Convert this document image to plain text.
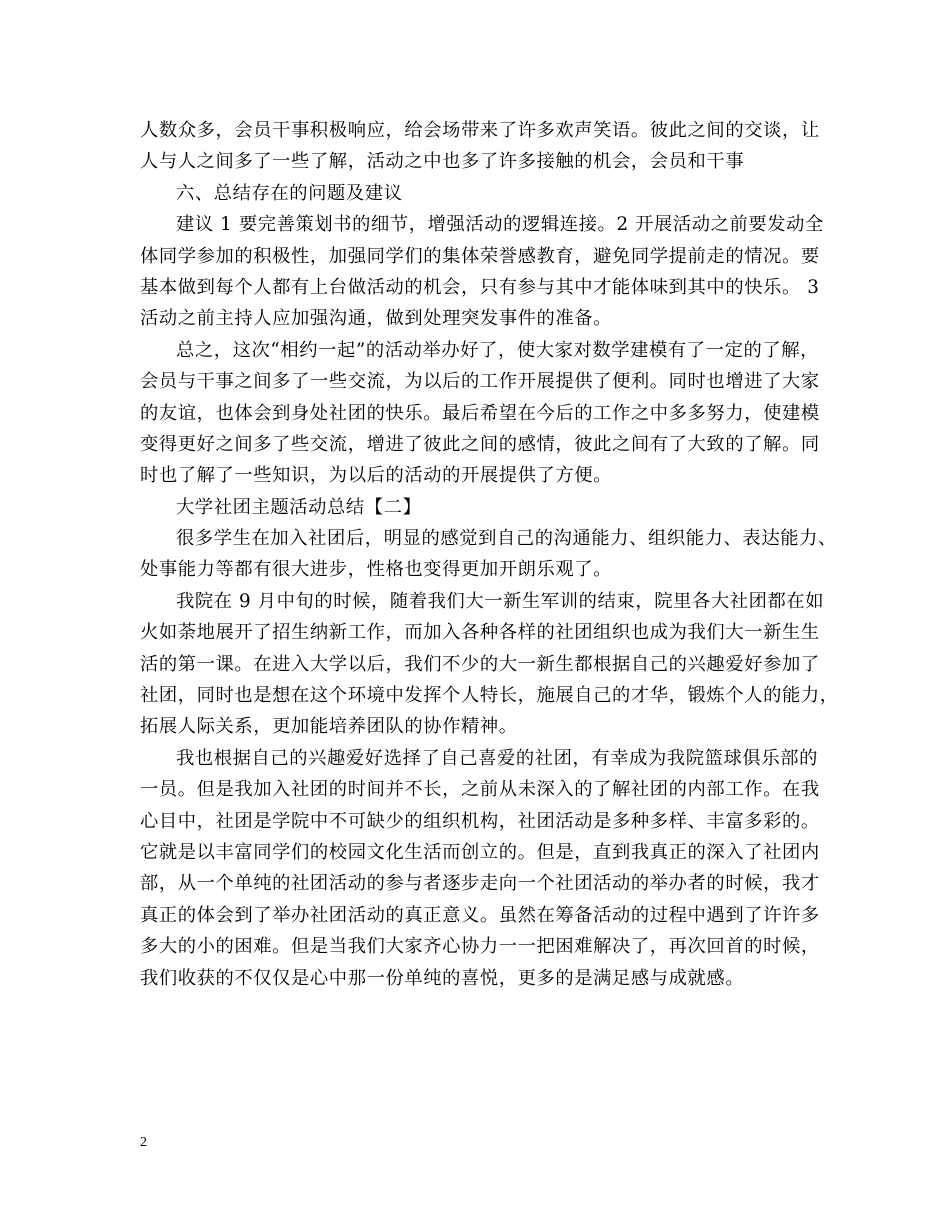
人数众多，会员干事积极响应，给会场带来了许多欢声笑语。彼此之间的交谈，让
人与人之间多了一些了解，活动之中也多了许多接触的机会，会员和干事
六、总结存在的问题及建议
建议 1 要完善策划书的细节，增强活动的逻辑连接。2 开展活动之前要发动全
体同学参加的积极性，加强同学们的集体荣誉感教育，避免同学提前走的情况。要
基本做到每个人都有上台做活动的机会，只有参与其中才能体味到其中的快乐。 3
活动之前主持人应加强沟通，做到处理突发事件的准备。
总之，这次“相约一起”的活动举办好了，使大家对数学建模有了一定的了解，
会员与干事之间多了一些交流，为以后的工作开展提供了便利。同时也增进了大家
的友谊，也体会到身处社团的快乐。最后希望在今后的工作之中多多努力，使建模
变得更好之间多了些交流，增进了彼此之间的感情，彼此之间有了大致的了解。同
时也了解了一些知识，为以后的活动的开展提供了方便。
大学社团主题活动总结【二】
很多学生在加入社团后，明显的感觉到自己的沟通能力、组织能力、表达能力、
处事能力等都有很大进步，性格也变得更加开朗乐观了。
我院在 9 月中旬的时候，随着我们大一新生军训的结束，院里各大社团都在如
火如荼地展开了招生纳新工作，而加入各种各样的社团组织也成为我们大一新生生
活的第一课。在进入大学以后，我们不少的大一新生都根据自己的兴趣爱好参加了
社团，同时也是想在这个环境中发挥个人特长，施展自己的才华，锻炼个人的能力，
拓展人际关系，更加能培养团队的协作精神。
我也根据自己的兴趣爱好选择了自己喜爱的社团，有幸成为我院篮球俱乐部的
一员。但是我加入社团的时间并不长，之前从未深入的了解社团的内部工作。在我
心目中，社团是学院中不可缺少的组织机构，社团活动是多种多样、丰富多彩的。
它就是以丰富同学们的校园文化生活而创立的。但是，直到我真正的深入了社团内
部，从一个单纯的社团活动的参与者逐步走向一个社团活动的举办者的时候，我才
真正的体会到了举办社团活动的真正意义。虽然在筹备活动的过程中遇到了许许多
多大的小的困难。但是当我们大家齐心协力一一把困难解决了，再次回首的时候，
我们收获的不仅仅是心中那一份单纯的喜悦，更多的是满足感与成就感。
2
